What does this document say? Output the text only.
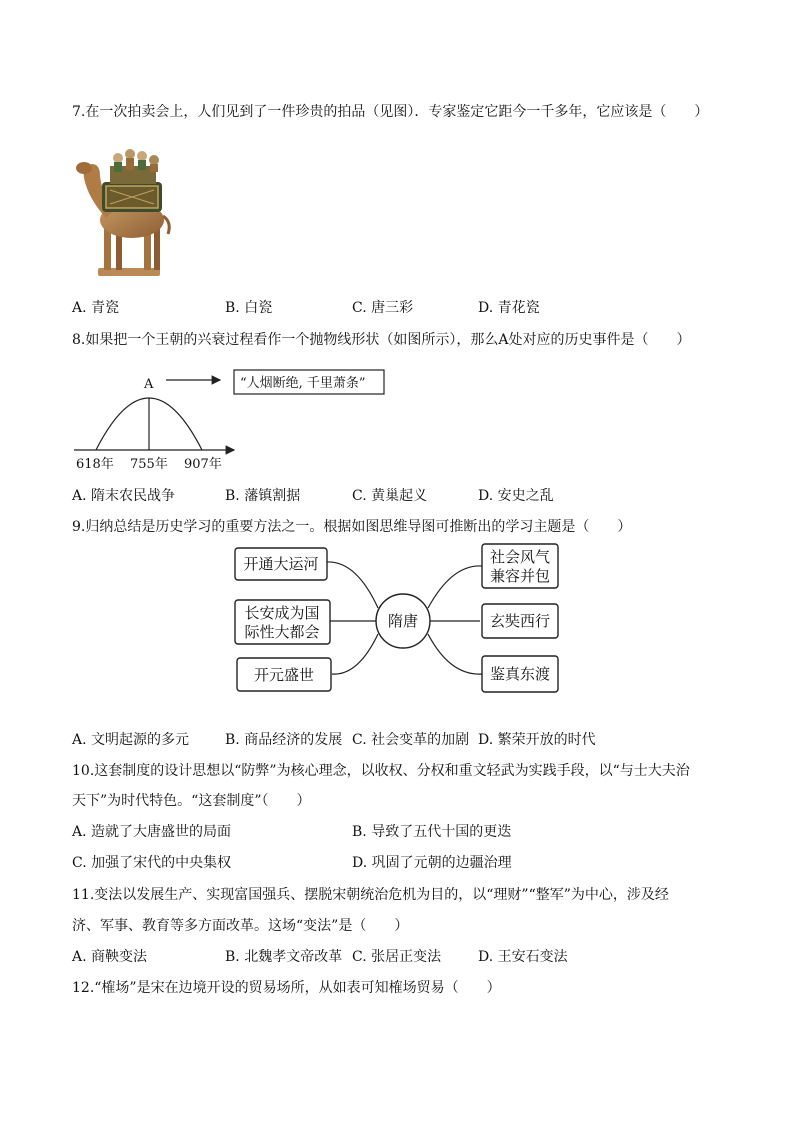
7.在一次拍卖会上，人们见到了一件珍贵的拍品（见图）．专家鉴定它距今一千多年，它应该是（　　）
A. 青瓷	B. 白瓷	C. 唐三彩	D. 青花瓷
8.如果把一个王朝的兴衰过程看作一个抛物线形状（如图所示），那么A处对应的历史事件是（　　）
A	“人烟断绝, 千里萧条”
618年 755年 907年
A. 隋末农民战争	B. 藩镇割据	C. 黄巢起义	D. 安史之乱
9.归纳总结是历史学习的重要方法之一。根据如图思维导图可推断出的学习主题是（　　）
隋唐
开通大运河
长安成为国
际性大都会
开元盛世
社会风气
兼容并包
玄奘西行
鉴真东渡
A. 文明起源的多元	B. 商品经济的发展 C. 社会变革的加剧 D. 繁荣开放的时代
10.这套制度的设计思想以“防弊”为核心理念，以收权、分权和重文轻武为实践手段，以“与士大夫治
天下”为时代特色。“这套制度”（　　）
A. 造就了大唐盛世的局面	B. 导致了五代十国的更迭
C. 加强了宋代的中央集权	D. 巩固了元朝的边疆治理
11.变法以发展生产、实现富国强兵、摆脱宋朝统治危机为目的，以“理财”“整军”为中心，涉及经
济、军事、教育等多方面改革。这场“变法”是（　　）
A. 商鞅变法	B. 北魏孝文帝改革 C. 张居正变法	D. 王安石变法
12.“榷场”是宋在边境开设的贸易场所，从如表可知榷场贸易（　　）
